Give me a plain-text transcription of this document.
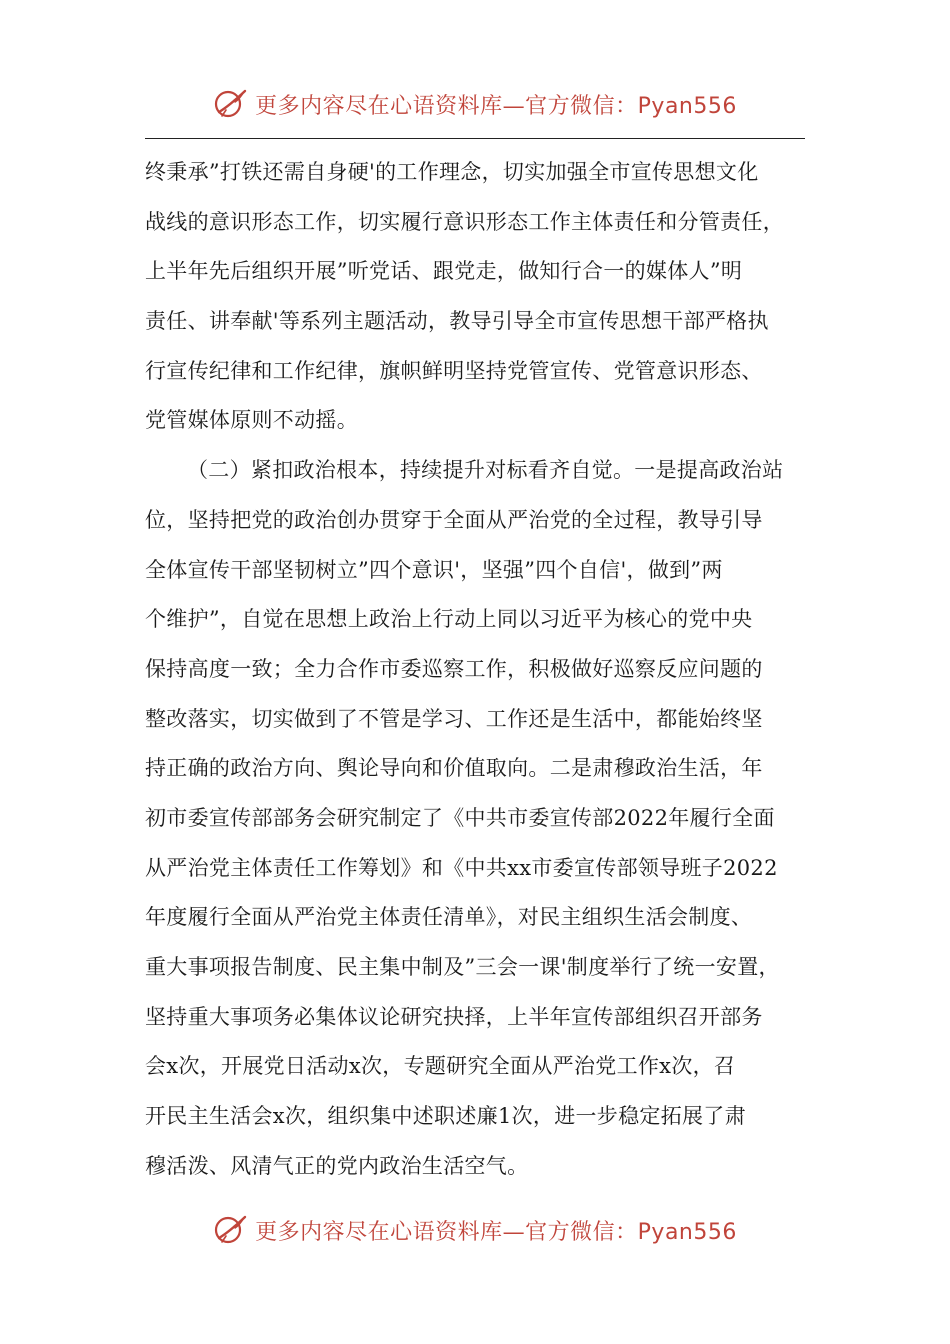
更多内容尽在心语资料库—官方微信：Pyan556
终秉承”打铁还需自身硬'的工作理念，切实加强全市宣传思想文化
战线的意识形态工作，切实履行意识形态工作主体责任和分管责任，
上半年先后组织开展”听党话、跟党走，做知行合一的媒体人”明
责任、讲奉献'等系列主题活动，教导引导全市宣传思想干部严格执
行宣传纪律和工作纪律，旗帜鲜明坚持党管宣传、党管意识形态、
党管媒体原则不动摇。
（二）紧扣政治根本，持续提升对标看齐自觉。一是提高政治站
位，坚持把党的政治创办贯穿于全面从严治党的全过程，教导引导
全体宣传干部坚韧树立”四个意识'，坚强”四个自信'，做到”两
个维护”，自觉在思想上政治上行动上同以习近平为核心的党中央
保持高度一致；全力合作市委巡察工作，积极做好巡察反应问题的
整改落实，切实做到了不管是学习、工作还是生活中，都能始终坚
持正确的政治方向、舆论导向和价值取向。二是肃穆政治生活，年
初市委宣传部部务会研究制定了《中共市委宣传部2022年履行全面
从严治党主体责任工作筹划》和《中共xx市委宣传部领导班子2022
年度履行全面从严治党主体责任清单》，对民主组织生活会制度、
重大事项报告制度、民主集中制及”三会一课'制度举行了统一安置，
坚持重大事项务必集体议论研究抉择，上半年宣传部组织召开部务
会x次，开展党日活动x次，专题研究全面从严治党工作x次，召
开民主生活会x次，组织集中述职述廉1次，进一步稳定拓展了肃
穆活泼、风清气正的党内政治生活空气。
更多内容尽在心语资料库—官方微信：Pyan556
